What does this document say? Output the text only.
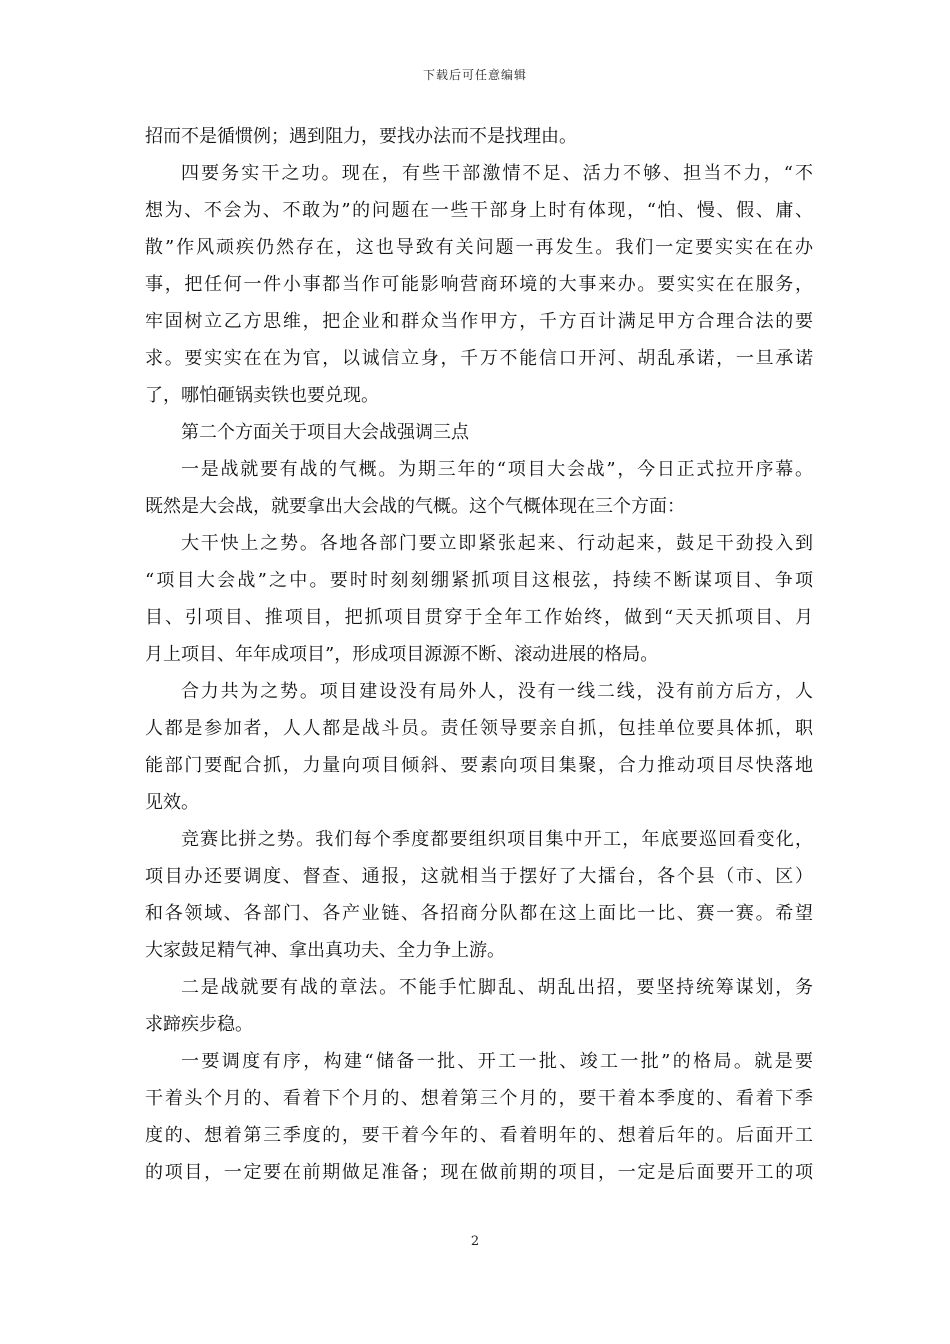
下载后可任意编辑
招而不是循惯例；遇到阻力，要找办法而不是找理由。
四要务实干之功。现在，有些干部激情不足、活力不够、担当不力，“不
想为、不会为、不敢为”的问题在一些干部身上时有体现，“怕、慢、假、庸、
散”作风顽疾仍然存在，这也导致有关问题一再发生。我们一定要实实在在办
事，把任何一件小事都当作可能影响营商环境的大事来办。要实实在在服务，
牢固树立乙方思维，把企业和群众当作甲方，千方百计满足甲方合理合法的要
求。要实实在在为官，以诚信立身，千万不能信口开河、胡乱承诺，一旦承诺
了，哪怕砸锅卖铁也要兑现。
第二个方面关于项目大会战强调三点
一是战就要有战的气概。为期三年的“项目大会战”，今日正式拉开序幕。
既然是大会战，就要拿出大会战的气概。这个气概体现在三个方面：
大干快上之势。各地各部门要立即紧张起来、行动起来，鼓足干劲投入到
“项目大会战”之中。要时时刻刻绷紧抓项目这根弦，持续不断谋项目、争项
目、引项目、推项目，把抓项目贯穿于全年工作始终，做到“天天抓项目、月
月上项目、年年成项目”，形成项目源源不断、滚动进展的格局。
合力共为之势。项目建设没有局外人，没有一线二线，没有前方后方，人
人都是参加者，人人都是战斗员。责任领导要亲自抓，包挂单位要具体抓，职
能部门要配合抓，力量向项目倾斜、要素向项目集聚，合力推动项目尽快落地
见效。
竞赛比拼之势。我们每个季度都要组织项目集中开工，年底要巡回看变化，
项目办还要调度、督查、通报，这就相当于摆好了大擂台，各个县（市、区）
和各领域、各部门、各产业链、各招商分队都在这上面比一比、赛一赛。希望
大家鼓足精气神、拿出真功夫、全力争上游。
二是战就要有战的章法。不能手忙脚乱、胡乱出招，要坚持统筹谋划，务
求蹄疾步稳。
一要调度有序，构建“储备一批、开工一批、竣工一批”的格局。就是要
干着头个月的、看着下个月的、想着第三个月的，要干着本季度的、看着下季
度的、想着第三季度的，要干着今年的、看着明年的、想着后年的。后面开工
的项目，一定要在前期做足准备；现在做前期的项目，一定是后面要开工的项
2
